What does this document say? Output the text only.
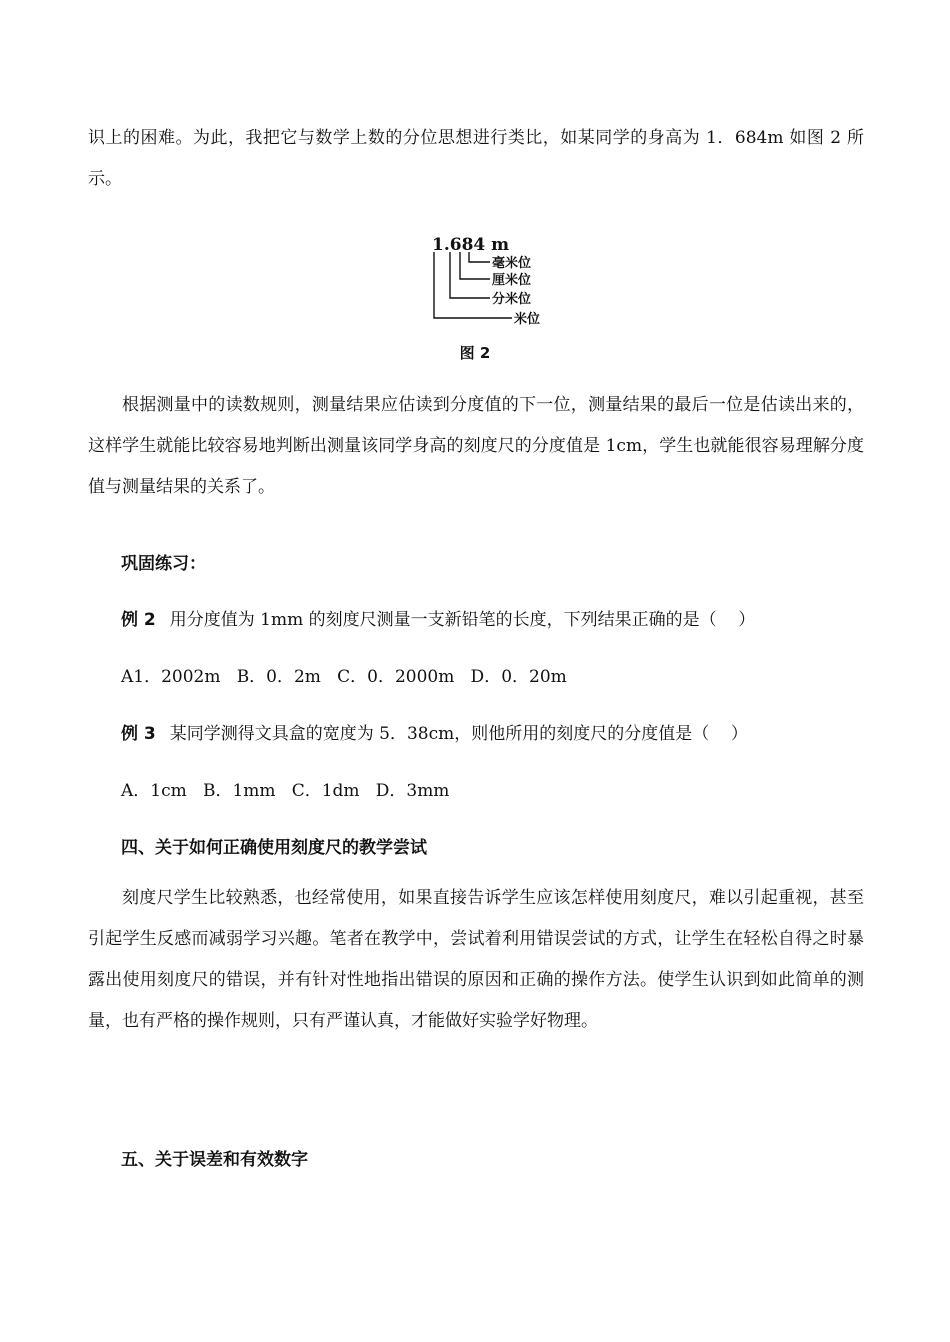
识上的困难。为此，我把它与数学上数的分位思想进行类比，如某同学的身高为 1．684m 如图 2 所示。

1.684 m
毫米位
厘米位
分米位
米位
图 2

根据测量中的读数规则，测量结果应估读到分度值的下一位，测量结果的最后一位是估读出来的，这样学生就能比较容易地判断出测量该同学身高的刻度尺的分度值是 1cm，学生也就能很容易理解分度值与测量结果的关系了。

巩固练习：

例 2 用分度值为 1mm 的刻度尺测量一支新铅笔的长度，下列结果正确的是（    ）

A1．2002m   B．0．2m   C．0．2000m   D．0．20m

例 3 某同学测得文具盒的宽度为 5．38cm，则他所用的刻度尺的分度值是（    ）

A．1cm   B．1mm   C．1dm   D．3mm

四、关于如何正确使用刻度尺的教学尝试

刻度尺学生比较熟悉，也经常使用，如果直接告诉学生应该怎样使用刻度尺，难以引起重视，甚至引起学生反感而减弱学习兴趣。笔者在教学中，尝试着利用错误尝试的方式，让学生在轻松自得之时暴露出使用刻度尺的错误，并有针对性地指出错误的原因和正确的操作方法。使学生认识到如此简单的测量，也有严格的操作规则，只有严谨认真，才能做好实验学好物理。

五、关于误差和有效数字
